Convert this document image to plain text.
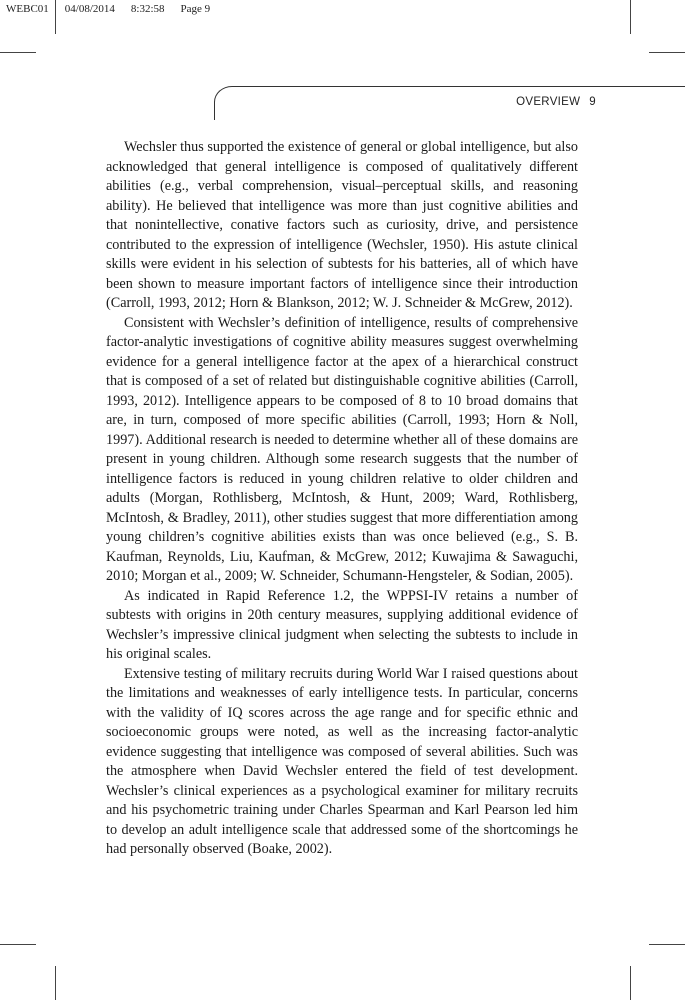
WEBC01 04/08/2014 8:32:58 Page 9
OVERVIEW 9

Wechsler thus supported the existence of general or global intelligence, but also acknowledged that general intelligence is composed of qualitatively different abilities (e.g., verbal comprehension, visual–perceptual skills, and reasoning ability). He believed that intelligence was more than just cognitive abilities and that nonintellective, conative factors such as curiosity, drive, and persistence contributed to the expression of intelligence (Wechsler, 1950). His astute clinical skills were evident in his selection of subtests for his batteries, all of which have been shown to measure important factors of intelligence since their introduction (Carroll, 1993, 2012; Horn & Blankson, 2012; W. J. Schneider & McGrew, 2012).

Consistent with Wechsler’s definition of intelligence, results of comprehensive factor-analytic investigations of cognitive ability measures suggest overwhelming evidence for a general intelligence factor at the apex of a hierarchical construct that is composed of a set of related but distinguishable cognitive abilities (Carroll, 1993, 2012). Intelligence appears to be composed of 8 to 10 broad domains that are, in turn, composed of more specific abilities (Carroll, 1993; Horn & Noll, 1997). Additional research is needed to determine whether all of these domains are present in young children. Although some research suggests that the number of intelligence factors is reduced in young children relative to older children and adults (Morgan, Rothlisberg, McIntosh, & Hunt, 2009; Ward, Rothlisberg, McIntosh, & Bradley, 2011), other studies suggest that more differentiation among young children’s cognitive abilities exists than was once believed (e.g., S. B. Kaufman, Reynolds, Liu, Kaufman, & McGrew, 2012; Kuwajima & Sawaguchi, 2010; Morgan et al., 2009; W. Schneider, Schumann-Hengsteler, & Sodian, 2005).

As indicated in Rapid Reference 1.2, the WPPSI-IV retains a number of subtests with origins in 20th century measures, supplying additional evidence of Wechsler’s impressive clinical judgment when selecting the subtests to include in his original scales.

Extensive testing of military recruits during World War I raised questions about the limitations and weaknesses of early intelligence tests. In particular, concerns with the validity of IQ scores across the age range and for specific ethnic and socioeconomic groups were noted, as well as the increasing factor-analytic evidence suggesting that intelligence was composed of several abilities. Such was the atmosphere when David Wechsler entered the field of test development. Wechsler’s clinical experiences as a psychological examiner for military recruits and his psychometric training under Charles Spearman and Karl Pearson led him to develop an adult intelligence scale that addressed some of the shortcomings he had personally observed (Boake, 2002).
